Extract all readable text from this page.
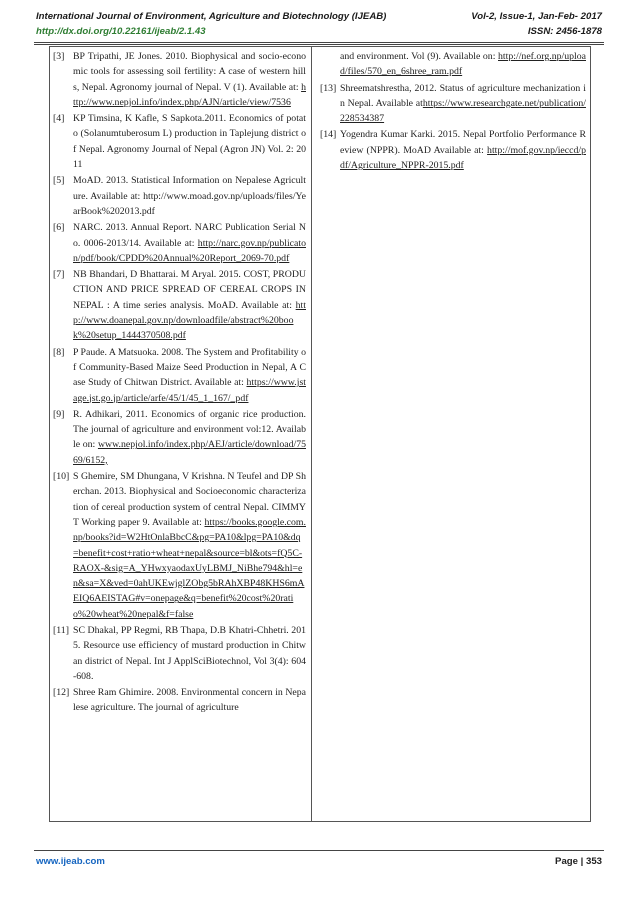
International Journal of Environment, Agriculture and Biotechnology (IJEAB)	Vol-2, Issue-1, Jan-Feb- 2017
http://dx.doi.org/10.22161/ijeab/2.1.43	ISSN: 2456-1878
[3] BP Tripathi, JE Jones. 2010. Biophysical and socio-economic tools for assessing soil fertility: A case of western hills, Nepal. Agronomy journal of Nepal. V (1). Available at: http://www.nepjol.info/index.php/AJN/article/view/7536
[4] KP Timsina, K Kafle, S Sapkota.2011. Economics of potato (Solanumtuberosum L) production in Taplejung district of Nepal. Agronomy Journal of Nepal (Agron JN) Vol. 2: 2011
[5] MoAD. 2013. Statistical Information on Nepalese Agriculture. Available at: http://www.moad.gov.np/uploads/files/YearBook%202013.pdf
[6] NARC. 2013. Annual Report. NARC Publication Serial No. 0006-2013/14. Available at: http://narc.gov.np/publicaton/pdf/book/CPDD%20Annual%20Report_2069-70.pdf
[7] NB Bhandari, D Bhattarai. M Aryal. 2015. COST, PRODUCTION AND PRICE SPREAD OF CEREAL CROPS IN NEPAL : A time series analysis. MoAD. Available at: http://www.doanepal.gov.np/downloadfile/abstract%20book%20setup_1444370508.pdf
[8] P Paude. A Matsuoka. 2008. The System and Profitability of Community-Based Maize Seed Production in Nepal, A Case Study of Chitwan District. Available at: https://www.jstage.jst.go.jp/article/arfe/45/1/45_1_167/_pdf
[9] R. Adhikari, 2011. Economics of organic rice production. The journal of agriculture and environment vol:12. Available on: www.nepjol.info/index.php/AEJ/article/download/7569/6152,
[10] S Ghemire, SM Dhungana, V Krishna. N Teufel and DP Sherchan. 2013. Biophysical and Socioeconomic characterization of cereal production system of central Nepal. CIMMYT Working paper 9. Available at: https://books.google.com.np/books?id=W2HtOnlaBbcC&pg=PA10&lpg=PA10&dq=benefit+cost+ratio+wheat+nepal&source=bl&ots=fQ5C-RAOX-&sig=A_YHwxyaodaxUyLBMJ_NiBhe794&hl=en&sa=X&ved=0ahUKEwjglZObg5bRAhXBP48KHS6mAEIQ6AEISTAG#v=onepage&q=benefit%20cost%20ratio%20wheat%20nepal&f=false
[11] SC Dhakal, PP Regmi, RB Thapa, D.B Khatri-Chhetri. 2015. Resource use efficiency of mustard production in Chitwan district of Nepal. Int J ApplSciBiotechnol, Vol 3(4): 604-608.
[12] Shree Ram Ghimire. 2008. Environmental concern in Nepalese agriculture. The journal of agriculture
and environment. Vol (9). Available on: http://nef.org.np/upload/files/570_en_6shree_ram.pdf
[13] Shreematshrestha, 2012. Status of agriculture mechanization in Nepal. Available athttps://www.researchgate.net/publication/228534387
[14] Yogendra Kumar Karki. 2015. Nepal Portfolio Performance Review (NPPR). MoAD Available at: http://mof.gov.np/ieccd/pdf/Agriculture_NPPR-2015.pdf
www.ijeab.com	Page | 353
